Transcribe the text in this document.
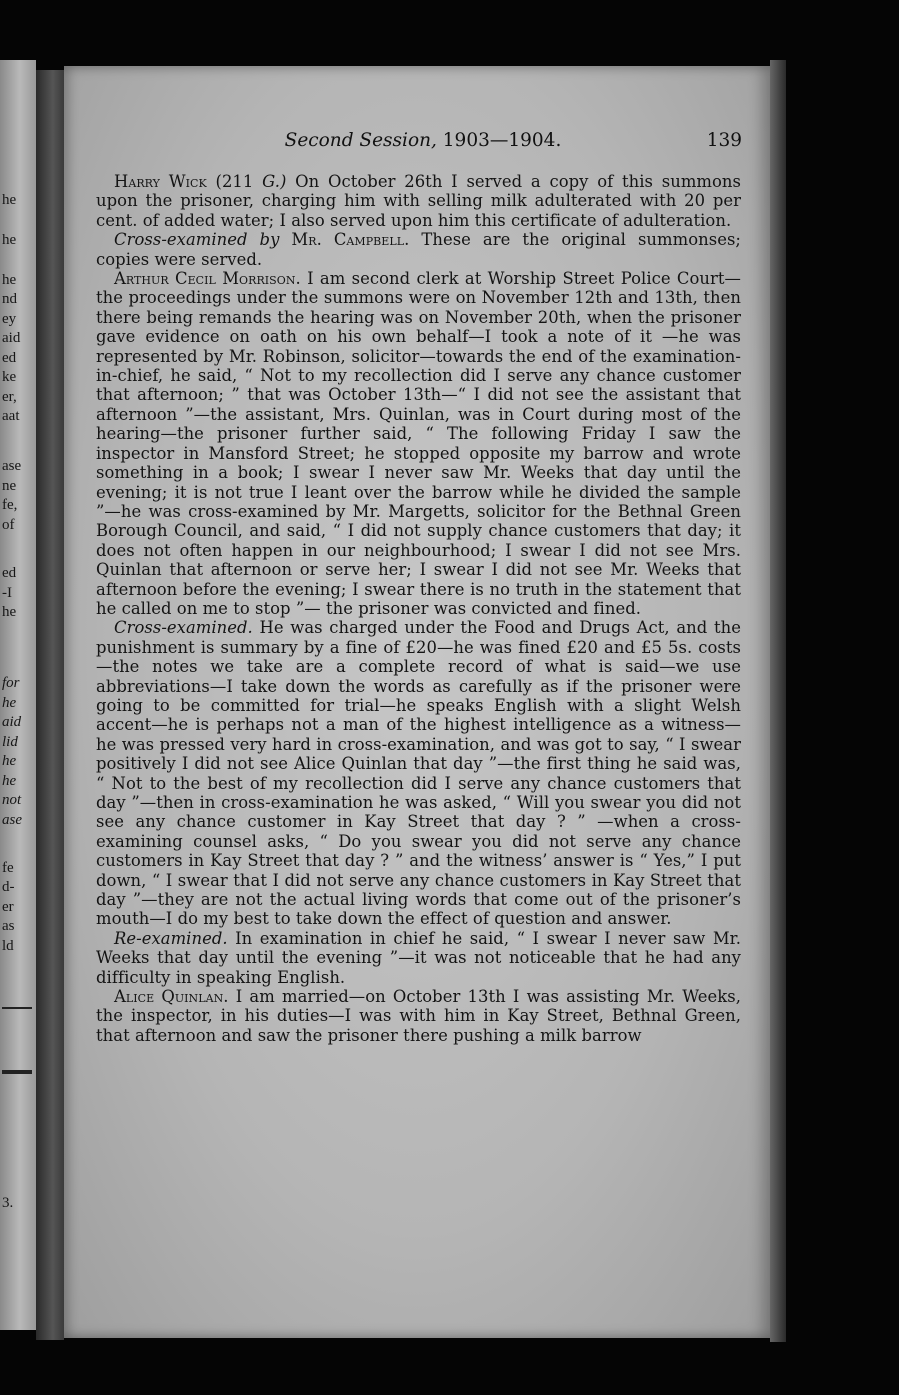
he
he
he
nd
ey
aid
ed
ke
er,
aat
ase
ne
fe,
of
ed
-I
he
for
he
aid
lid
he
he
not
ase
fe
d-
er
as
ld
3.
Second Session, 1903—1904.	139

Harry Wick (211 G.) On October 26th I served a copy of this summons upon the prisoner, charging him with selling milk adulterated with 20 per cent. of added water; I also served upon him this certificate of adulteration.

Cross-examined by Mr. Campbell. These are the original summonses; copies were served.

Arthur Cecil Morrison. I am second clerk at Worship Street Police Court—the proceedings under the summons were on November 12th and 13th, then there being remands the hearing was on November 20th, when the prisoner gave evidence on oath on his own behalf—I took a note of it —he was represented by Mr. Robinson, solicitor—towards the end of the examination-in-chief, he said, “ Not to my recollection did I serve any chance customer that afternoon; ” that was October 13th—“ I did not see the assistant that afternoon ”—the assistant, Mrs. Quinlan, was in Court during most of the hearing—the prisoner further said, “ The following Friday I saw the inspector in Mansford Street; he stopped opposite my barrow and wrote something in a book; I swear I never saw Mr. Weeks that day until the evening; it is not true I leant over the barrow while he divided the sample ”—he was cross-examined by Mr. Margetts, solicitor for the Bethnal Green Borough Council, and said, “ I did not supply chance customers that day; it does not often happen in our neighbourhood; I swear I did not see Mrs. Quinlan that afternoon or serve her; I swear I did not see Mr. Weeks that afternoon before the evening; I swear there is no truth in the statement that he called on me to stop ”— the prisoner was convicted and fined.

Cross-examined. He was charged under the Food and Drugs Act, and the punishment is summary by a fine of £20—he was fined £20 and £5 5s. costs—the notes we take are a complete record of what is said—we use abbreviations—I take down the words as carefully as if the prisoner were going to be committed for trial—he speaks English with a slight Welsh accent—he is perhaps not a man of the highest intelligence as a witness— he was pressed very hard in cross-examination, and was got to say, “ I swear positively I did not see Alice Quinlan that day ”—the first thing he said was, “ Not to the best of my recollection did I serve any chance customers that day ”—then in cross-examination he was asked, “ Will you swear you did not see any chance customer in Kay Street that day ? ” —when a cross-examining counsel asks, “ Do you swear you did not serve any chance customers in Kay Street that day ? ” and the witness’ answer is “ Yes,” I put down, “ I swear that I did not serve any chance customers in Kay Street that day ”—they are not the actual living words that come out of the prisoner’s mouth—I do my best to take down the effect of question and answer.

Re-examined. In examination in chief he said, “ I swear I never saw Mr. Weeks that day until the evening ”—it was not noticeable that he had any difficulty in speaking English.

Alice Quinlan. I am married—on October 13th I was assisting Mr. Weeks, the inspector, in his duties—I was with him in Kay Street, Bethnal Green, that afternoon and saw the prisoner there pushing a milk barrow
